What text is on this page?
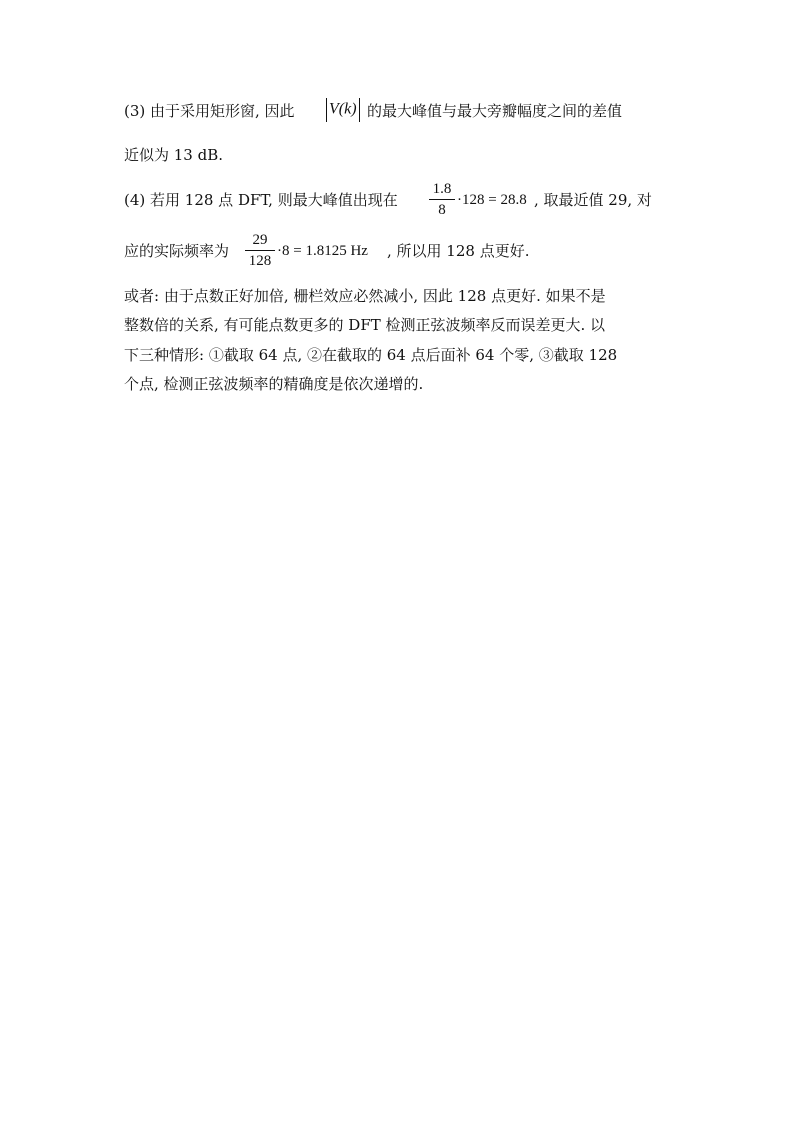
(3) 由于采用矩形窗, 因此	V(k) 的最大峰值与最大旁瓣幅度之间的差值
近似为 13 dB.
(4) 若用 128 点 DFT, 则最大峰值出现在
1.8
8
·128 = 28.8 , 取最近值 29, 对
应的实际频率为
29
128
·8 = 1.8125 Hz , 所以用 128 点更好.
或者: 由于点数正好加倍, 栅栏效应必然减小, 因此 128 点更好. 如果不是
整数倍的关系, 有可能点数更多的 DFT 检测正弦波频率反而误差更大. 以
下三种情形: ①截取 64 点, ②在截取的 64 点后面补 64 个零, ③截取 128
个点, 检测正弦波频率的精确度是依次递增的.
